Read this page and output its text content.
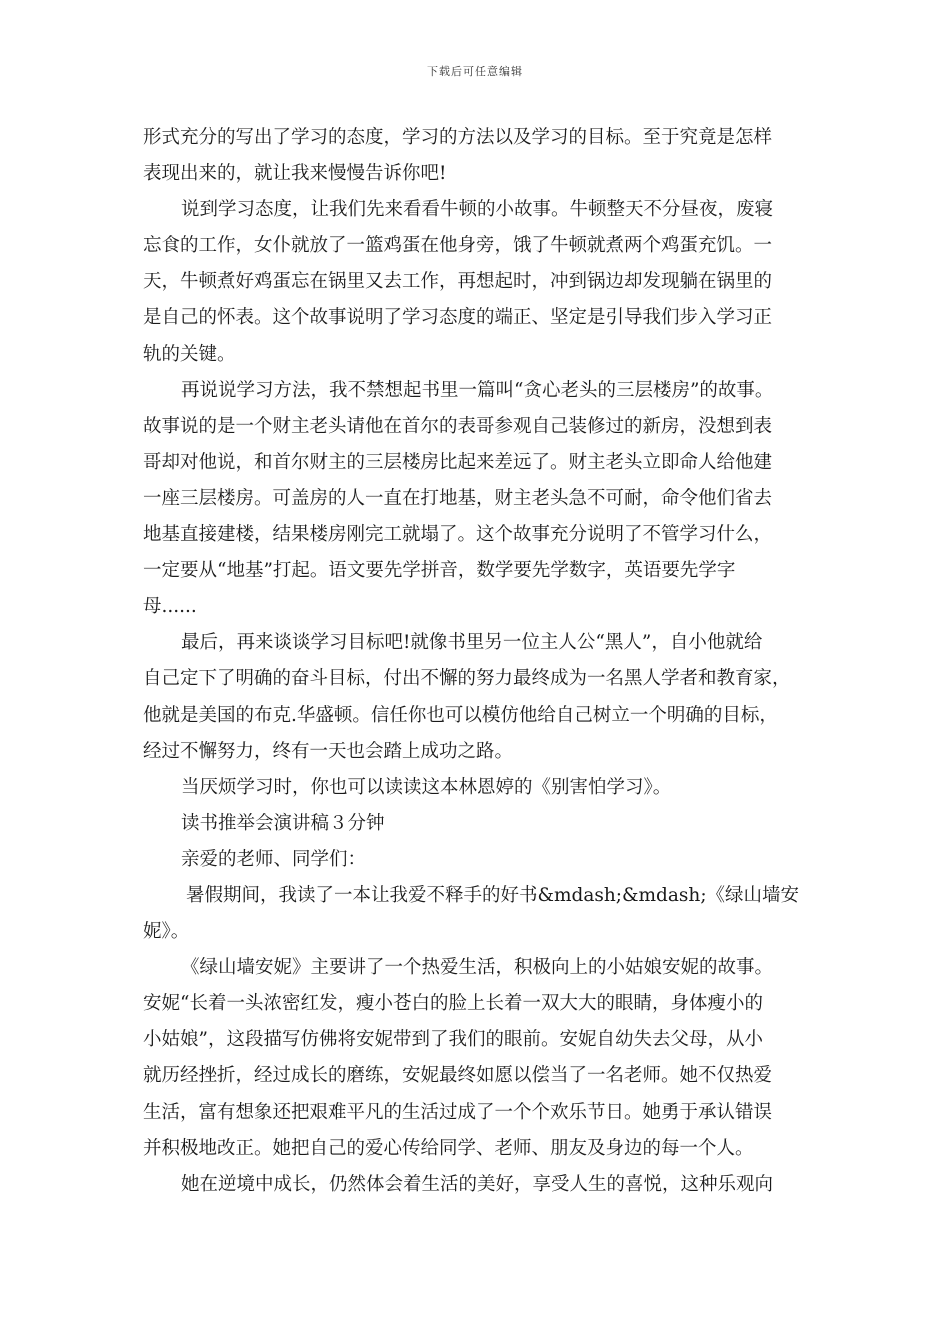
下载后可任意编辑
形式充分的写出了学习的态度，学习的方法以及学习的目标。至于究竟是怎样
表现出来的，就让我来慢慢告诉你吧!
说到学习态度，让我们先来看看牛顿的小故事。牛顿整天不分昼夜，废寝
忘食的工作，女仆就放了一篮鸡蛋在他身旁，饿了牛顿就煮两个鸡蛋充饥。一
天，牛顿煮好鸡蛋忘在锅里又去工作，再想起时，冲到锅边却发现躺在锅里的
是自己的怀表。这个故事说明了学习态度的端正、坚定是引导我们步入学习正
轨的关键。
再说说学习方法，我不禁想起书里一篇叫“贪心老头的三层楼房”的故事。
故事说的是一个财主老头请他在首尔的表哥参观自己装修过的新房，没想到表
哥却对他说，和首尔财主的三层楼房比起来差远了。财主老头立即命人给他建
一座三层楼房。可盖房的人一直在打地基，财主老头急不可耐，命令他们省去
地基直接建楼，结果楼房刚完工就塌了。这个故事充分说明了不管学习什么，
一定要从“地基”打起。语文要先学拼音，数学要先学数字，英语要先学字
母......
最后，再来谈谈学习目标吧!就像书里另一位主人公“黑人”，自小他就给
自己定下了明确的奋斗目标，付出不懈的努力最终成为一名黑人学者和教育家，
他就是美国的布克.华盛顿。信任你也可以模仿他给自己树立一个明确的目标，
经过不懈努力，终有一天也会踏上成功之路。
当厌烦学习时，你也可以读读这本林恩婷的《别害怕学习》。
读书推举会演讲稿３分钟
亲爱的老师、同学们：
暑假期间，我读了一本让我爱不释手的好书&mdash;&mdash;《绿山墙安
妮》。
《绿山墙安妮》主要讲了一个热爱生活，积极向上的小姑娘安妮的故事。
安妮“长着一头浓密红发，瘦小苍白的脸上长着一双大大的眼睛，身体瘦小的
小姑娘”，这段描写仿佛将安妮带到了我们的眼前。安妮自幼失去父母，从小
就历经挫折，经过成长的磨练，安妮最终如愿以偿当了一名老师。她不仅热爱
生活，富有想象还把艰难平凡的生活过成了一个个欢乐节日。她勇于承认错误
并积极地改正。她把自己的爱心传给同学、老师、朋友及身边的每一个人。
她在逆境中成长，仍然体会着生活的美好，享受人生的喜悦，这种乐观向
